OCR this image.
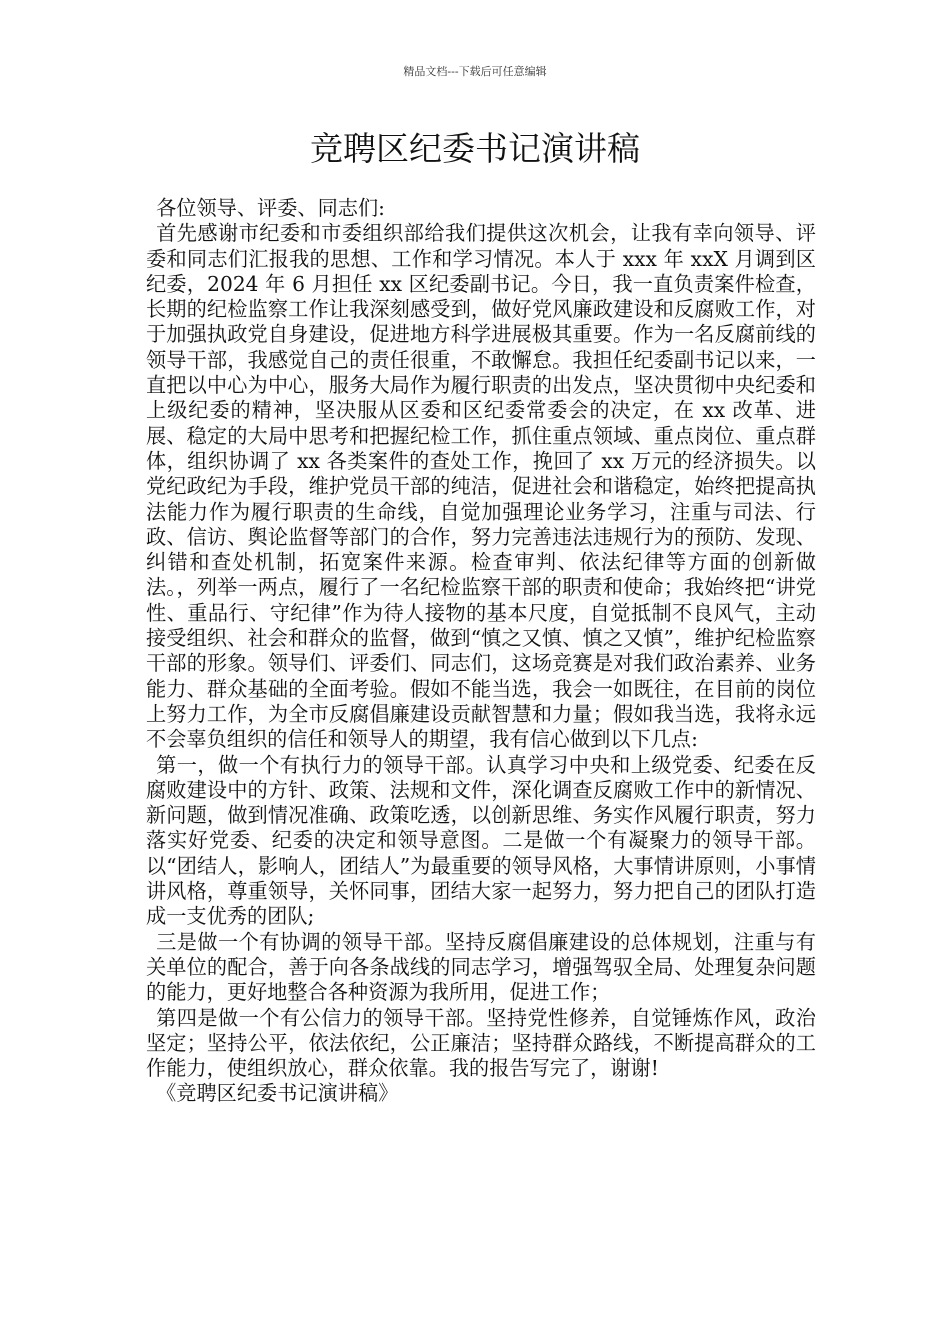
精品文档---下载后可任意编辑
竞聘区纪委书记演讲稿

各位领导、评委、同志们:

首先感谢市纪委和市委组织部给我们提供这次机会，让我有幸向领导、评委和同志们汇报我的思想、工作和学习情况。本人于 xxx 年 xxX 月调到区纪委，2024 年 6 月担任 xx 区纪委副书记。今日，我一直负责案件检查，长期的纪检监察工作让我深刻感受到，做好党风廉政建设和反腐败工作，对于加强执政党自身建设，促进地方科学进展极其重要。作为一名反腐前线的领导干部，我感觉自己的责任很重，不敢懈怠。我担任纪委副书记以来，一直把以中心为中心，服务大局作为履行职责的出发点，坚决贯彻中央纪委和上级纪委的精神，坚决服从区委和区纪委常委会的决定，在 xx 改革、进展、稳定的大局中思考和把握纪检工作，抓住重点领域、重点岗位、重点群体，组织协调了 xx 各类案件的查处工作，挽回了 xx 万元的经济损失。以党纪政纪为手段，维护党员干部的纯洁，促进社会和谐稳定，始终把提高执法能力作为履行职责的生命线，自觉加强理论业务学习，注重与司法、行政、信访、舆论监督等部门的合作，努力完善违法违规行为的预防、发现、纠错和查处机制，拓宽案件来源。检查审判、依法纪律等方面的创新做法。，列举一两点，履行了一名纪检监察干部的职责和使命；我始终把“讲党性、重品行、守纪律”作为待人接物的基本尺度，自觉抵制不良风气，主动接受组织、社会和群众的监督，做到“慎之又慎、慎之又慎”，维护纪检监察干部的形象。领导们、评委们、同志们，这场竞赛是对我们政治素养、业务能力、群众基础的全面考验。假如不能当选，我会一如既往，在目前的岗位上努力工作，为全市反腐倡廉建设贡献智慧和力量；假如我当选，我将永远不会辜负组织的信任和领导人的期望，我有信心做到以下几点:

第一，做一个有执行力的领导干部。认真学习中央和上级党委、纪委在反腐败建设中的方针、政策、法规和文件，深化调查反腐败工作中的新情况、新问题，做到情况准确、政策吃透，以创新思维、务实作风履行职责，努力落实好党委、纪委的决定和领导意图。二是做一个有凝聚力的领导干部。以“团结人，影响人，团结人”为最重要的领导风格，大事情讲原则，小事情讲风格，尊重领导，关怀同事，团结大家一起努力，努力把自己的团队打造成一支优秀的团队;

三是做一个有协调的领导干部。坚持反腐倡廉建设的总体规划，注重与有关单位的配合，善于向各条战线的同志学习，增强驾驭全局、处理复杂问题的能力，更好地整合各种资源为我所用，促进工作；

第四是做一个有公信力的领导干部。坚持党性修养，自觉锤炼作风，政治坚定；坚持公平，依法依纪，公正廉洁；坚持群众路线，不断提高群众的工作能力，使组织放心，群众依靠。我的报告写完了，谢谢!

《竞聘区纪委书记演讲稿》
